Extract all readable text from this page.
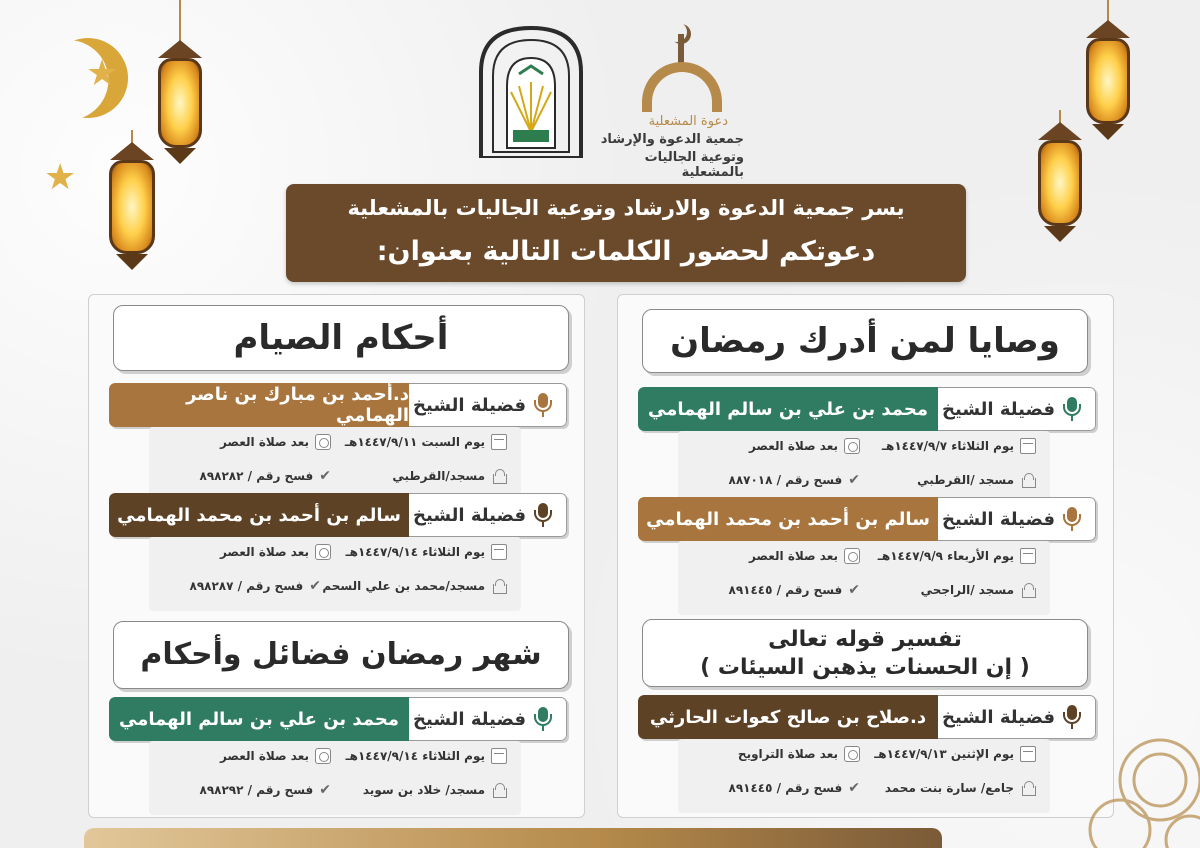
★
★
دعوة المشعلية
جمعية الدعوة والإرشاد
وتوعية الجاليات بالمشعلية
يسر جمعية الدعوة والارشاد وتوعية الجاليات بالمشعلية
دعوتكم لحضور الكلمات التالية بعنوان:
وصايا لمن أدرك رمضان
فضيلة الشيخ
محمد بن علي بن سالم الهمامي
يوم الثلاثاء ١٤٤٧/٩/٧هـ
بعد صلاة العصر
مسجد /القرطبي
✔
فسح رقم / ٨٨٧٠١٨
فضيلة الشيخ
سالم بن أحمد بن محمد الهمامي
يوم الأربعاء ١٤٤٧/٩/٩هـ
بعد صلاة العصر
مسجد /الراجحي
✔
فسح رقم / ٨٩١٤٤٥
تفسير قوله تعالى
( إن الحسنات يذهبن السيئات )
فضيلة الشيخ
د.صلاح بن صالح كعوات الحارثي
يوم الإثنين ١٤٤٧/٩/١٣هـ
بعد صلاة التراويح
جامع/ سارة بنت محمد
✔
فسح رقم / ٨٩١٤٤٥
أحكام الصيام
فضيلة الشيخ
د.أحمد بن مبارك بن ناصر الهمامي
يوم السبت ١٤٤٧/٩/١١هـ
بعد صلاة العصر
مسجد/القرطبي
✔
فسح رقم / ٨٩٨٢٨٢
فضيلة الشيخ
سالم بن أحمد بن محمد الهمامي
يوم الثلاثاء ١٤٤٧/٩/١٤هـ
بعد صلاة العصر
مسجد/محمد بن علي السحم
✔
فسح رقم / ٨٩٨٢٨٧
شهر رمضان فضائل وأحكام
فضيلة الشيخ
محمد بن علي بن سالم الهمامي
يوم الثلاثاء ١٤٤٧/٩/١٤هـ
بعد صلاة العصر
مسجد/ خلاد بن سويد
✔
فسح رقم / ٨٩٨٢٩٢
